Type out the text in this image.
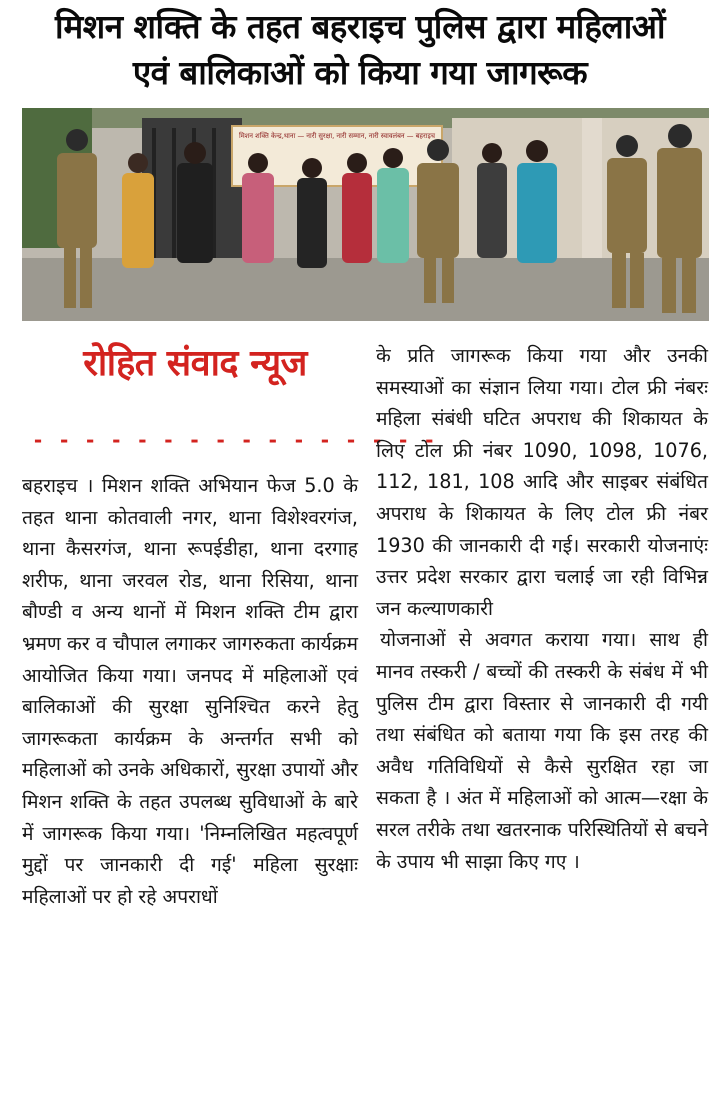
मिशन शक्ति के तहत बहराइच पुलिस द्वारा महिलाओं
एवं बालिकाओं को किया गया जागरूक
मिशन शक्ति केन्द्र,थाना — नारी सुरक्षा, नारी सम्मान, नारी स्वावलंबन — बहराइच
रोहित संवाद न्यूज
- - - - - - - - - - - - - - - -

बहराइच । मिशन शक्ति अभियान फेज 5.0 के तहत थाना कोतवाली नगर, थाना विशेश्वरगंज, थाना कैसरगंज, थाना रूपईडीहा, थाना दरगाह शरीफ, थाना जरवल रोड, थाना रिसिया, थाना बौण्डी व अन्य थानों में मिशन शक्ति टीम द्वारा भ्रमण कर व चौपाल लगाकर जागरुकता कार्यक्रम आयोजित किया गया। जनपद में महिलाओं एवं बालिकाओं की सुरक्षा सुनिश्चित करने हेतु जागरूकता कार्यक्रम के अन्तर्गत सभी को महिलाओं को उनके अधिकारों, सुरक्षा उपायों और मिशन शक्ति के तहत उपलब्ध सुविधाओं के बारे में जागरूक किया गया। 'निम्नलिखित महत्वपूर्ण मुद्दों पर जानकारी दी गई' महिला सुरक्षाः महिलाओं पर हो रहे अपराधों

के प्रति जागरूक किया गया और उनकी समस्याओं का संज्ञान लिया गया। टोल फ्री नंबरः महिला संबंधी घटित अपराध की शिकायत के लिए टोल फ्री नंबर 1090, 1098, 1076, 112, 181, 108 आदि और साइबर संबंधित अपराध के शिकायत के लिए टोल फ्री नंबर 1930 की जानकारी दी गई। सरकारी योजनाएंः उत्तर प्रदेश सरकार द्वारा चलाई जा रही विभिन्न जन कल्याणकारी

योजनाओं से अवगत कराया गया। साथ ही मानव तस्करी / बच्चों की तस्करी के संबंध में भी पुलिस टीम द्वारा विस्तार से जानकारी दी गयी तथा संबंधित को बताया गया कि इस तरह की अवैध गतिविधियों से कैसे सुरक्षित रहा जा सकता है । अंत में महिलाओं को आत्म—रक्षा के सरल तरीके तथा खतरनाक परिस्थितियों से बचने के उपाय भी साझा किए गए ।
